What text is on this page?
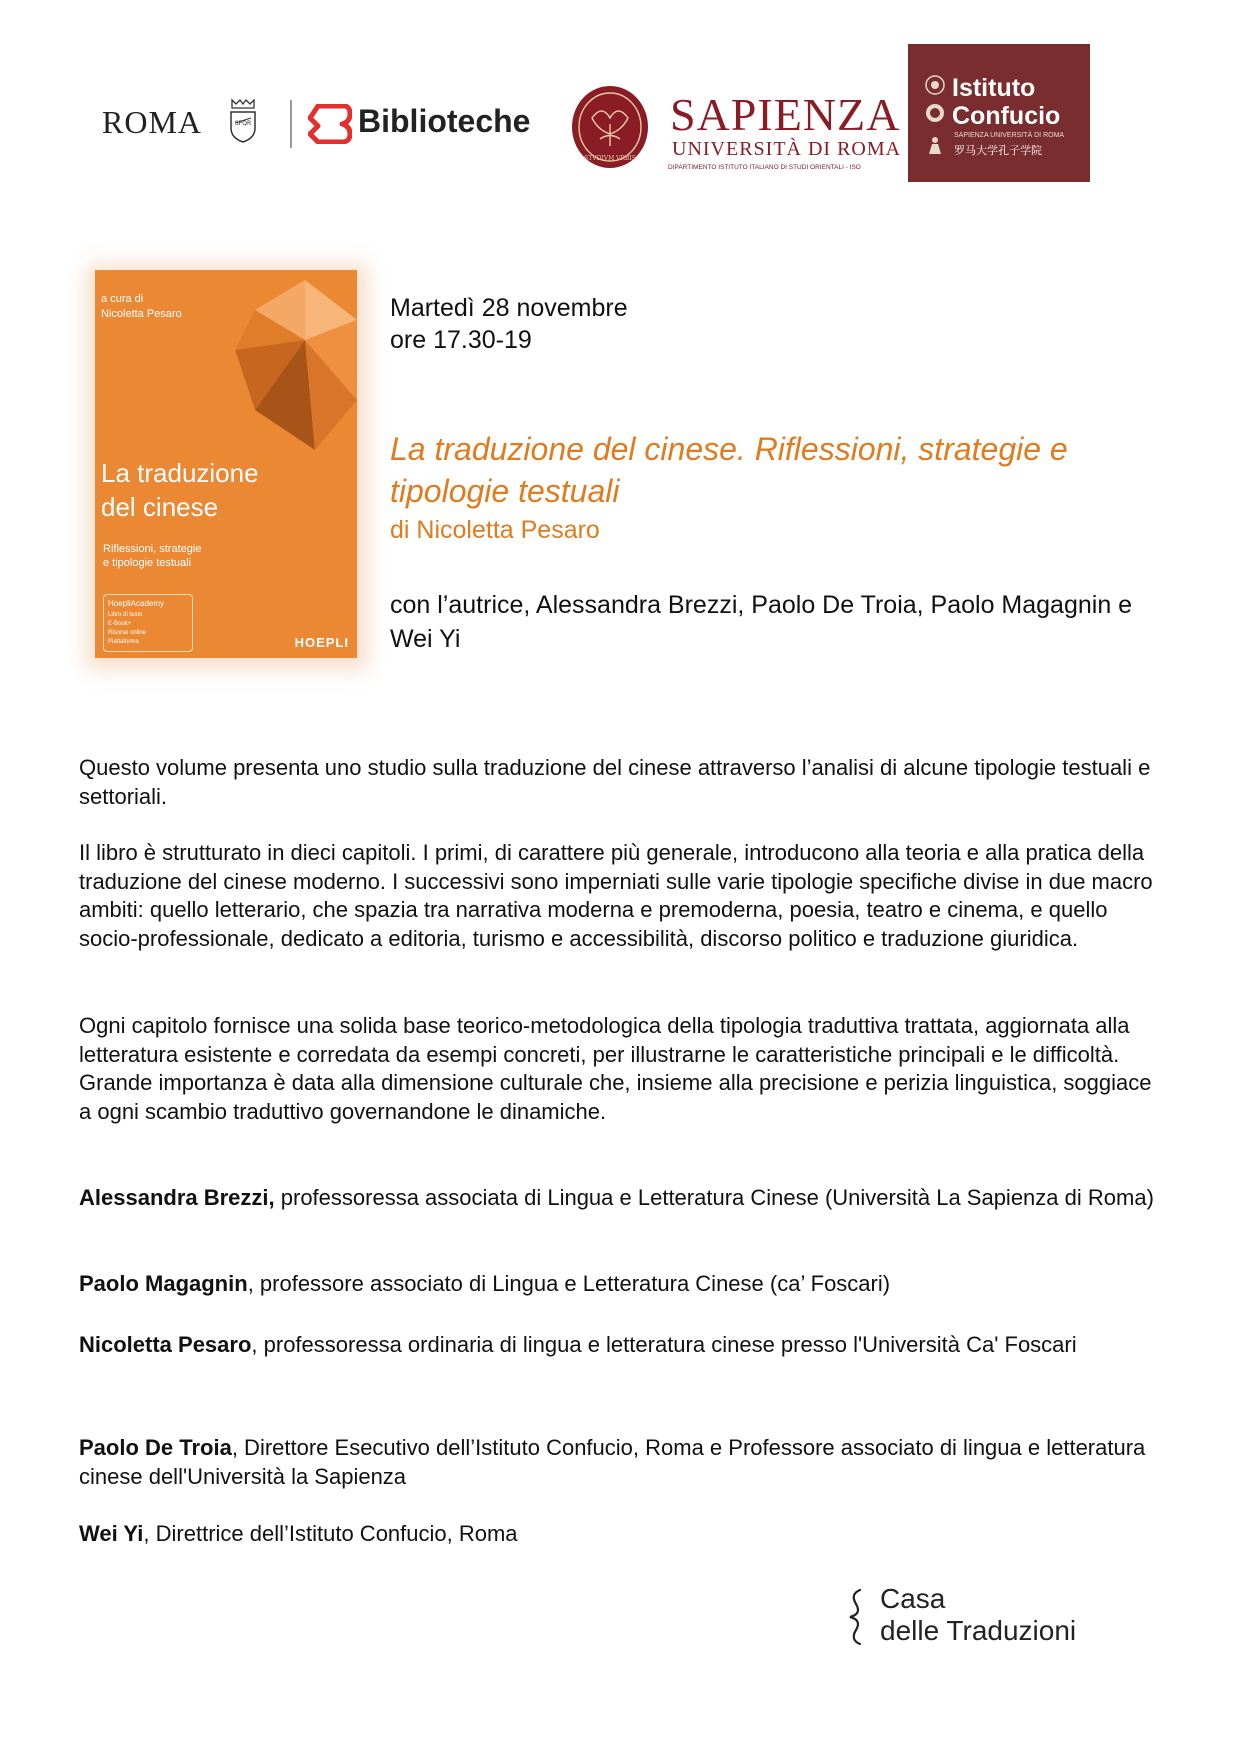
ROMA	SPQR	Biblioteche
STVDIVM VRBIS
SAPIENZA
UNIVERSITÀ DI ROMA
DIPARTIMENTO ISTITUTO ITALIANO DI STUDI ORIENTALI - ISO
Istituto
Confucio
SAPIENZA UNIVERSITÀ DI ROMA
罗马大学孔子学院
a cura di
Nicoletta Pesaro
La traduzione
del cinese
Riflessioni, strategie
e tipologie testuali
HoepliAcademy
Libro di testo
E-Book+
Risorse online
Piattaforma	HOEPLI
Martedì 28 novembre
ore 17.30-19
La traduzione del cinese. Riflessioni, strategie e tipologie testuali
di Nicoletta Pesaro
con l’autrice, Alessandra Brezzi, Paolo De Troia, Paolo Magagnin e Wei Yi
Questo volume presenta uno studio sulla traduzione del cinese attraverso l’analisi di alcune tipologie testuali e settoriali.
Il libro è strutturato in dieci capitoli. I primi, di carattere più generale, introducono alla teoria e alla pratica della traduzione del cinese moderno. I successivi sono imperniati sulle varie tipologie specifiche divise in due macro ambiti: quello letterario, che spazia tra narrativa moderna e premoderna, poesia, teatro e cinema, e quello socio-professionale, dedicato a editoria, turismo e accessibilità, discorso politico e traduzione giuridica.
Ogni capitolo fornisce una solida base teorico-metodologica della tipologia traduttiva trattata, aggiornata alla letteratura esistente e corredata da esempi concreti, per illustrarne le caratteristiche principali e le difficoltà. Grande importanza è data alla dimensione culturale che, insieme alla precisione e perizia linguistica, soggiace a ogni scambio traduttivo governandone le dinamiche.
Alessandra Brezzi, professoressa associata di Lingua e Letteratura Cinese (Università La Sapienza di Roma)
Paolo Magagnin, professore associato di Lingua e Letteratura Cinese (ca’ Foscari)
Nicoletta Pesaro, professoressa ordinaria di lingua e letteratura cinese presso l'Università Ca' Foscari
Paolo De Troia, Direttore Esecutivo dell’Istituto Confucio, Roma e Professore associato di lingua e letteratura cinese dell'Università la Sapienza
Wei Yi, Direttrice dell’Istituto Confucio, Roma
Casa
delle Traduzioni
